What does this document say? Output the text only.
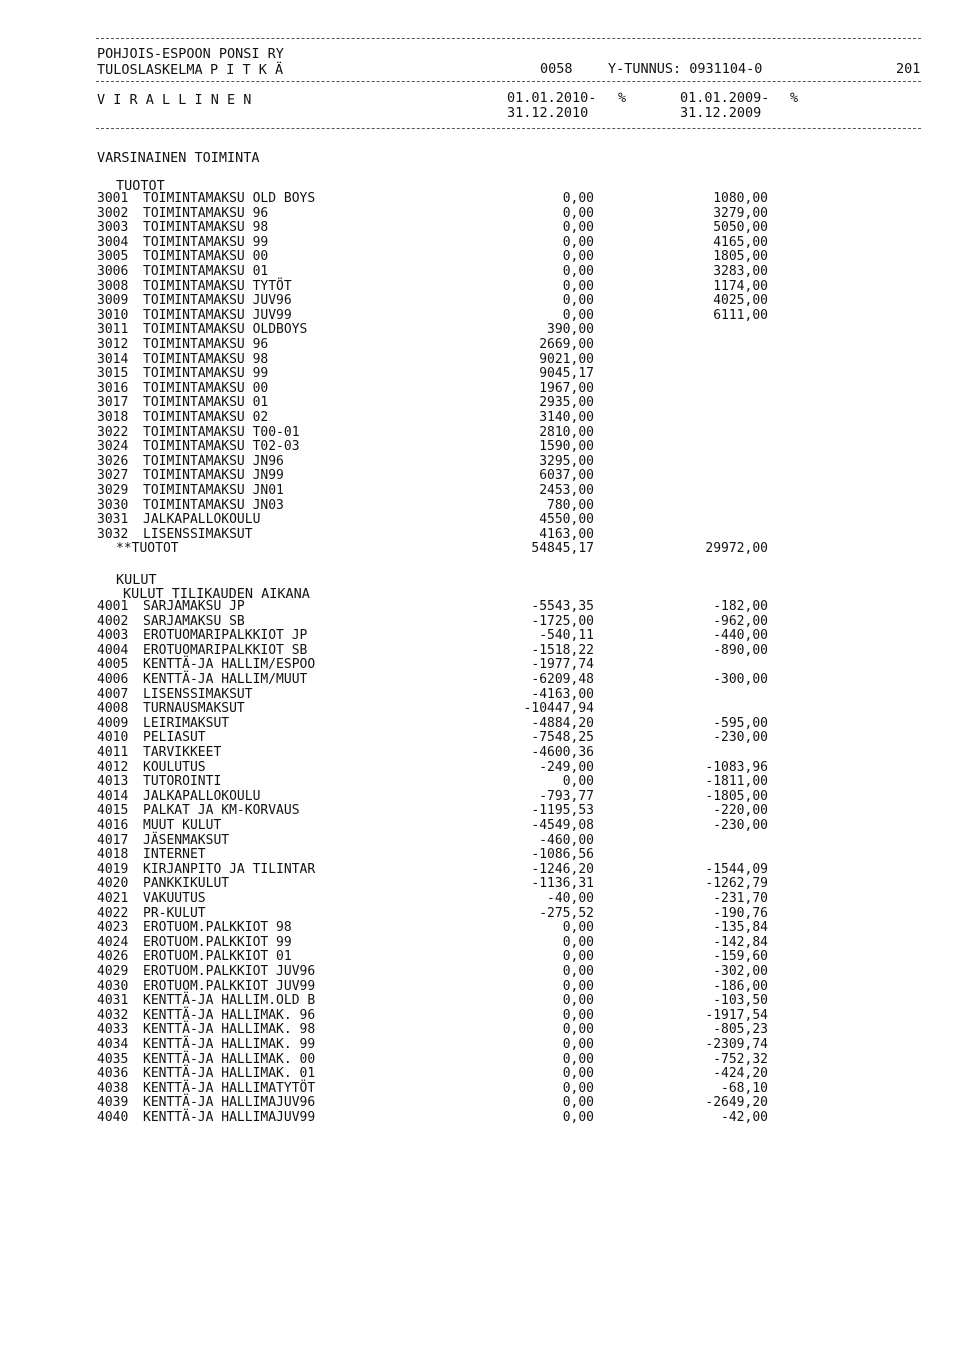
POHJOIS-ESPOON PONSI RY
TULOSLASKELMA P I T K Ä	0058	Y-TUNNUS: 0931104-0	201
V I R A L L I N E N	01.01.2010-
31.12.2010
%	01.01.2009-
31.12.2009
%
VARSINAINEN TOIMINTA
TUOTOT
KULUT
KULUT TILIKAUDEN AIKANA
3001 TOIMINTAMAKSU OLD BOYS	0,00	1080,00
3002 TOIMINTAMAKSU 96	0,00	3279,00
3003 TOIMINTAMAKSU 98	0,00	5050,00
3004 TOIMINTAMAKSU 99	0,00	4165,00
3005 TOIMINTAMAKSU 00	0,00	1805,00
3006 TOIMINTAMAKSU 01	0,00	3283,00
3008 TOIMINTAMAKSU TYTÖT	0,00	1174,00
3009 TOIMINTAMAKSU JUV96	0,00	4025,00
3010 TOIMINTAMAKSU JUV99	0,00	6111,00
3011 TOIMINTAMAKSU OLDBOYS	390,00
3012 TOIMINTAMAKSU 96	2669,00
3014 TOIMINTAMAKSU 98	9021,00
3015 TOIMINTAMAKSU 99	9045,17
3016 TOIMINTAMAKSU 00	1967,00
3017 TOIMINTAMAKSU 01	2935,00
3018 TOIMINTAMAKSU 02	3140,00
3022 TOIMINTAMAKSU T00-01	2810,00
3024 TOIMINTAMAKSU T02-03	1590,00
3026 TOIMINTAMAKSU JN96	3295,00
3027 TOIMINTAMAKSU JN99	6037,00
3029 TOIMINTAMAKSU JN01	2453,00
3030 TOIMINTAMAKSU JN03	780,00
3031 JALKAPALLOKOULU	4550,00
3032 LISENSSIMAKSUT	4163,00
**TUOTOT	54845,17	29972,00
4001 SARJAMAKSU JP	-5543,35	-182,00
4002 SARJAMAKSU SB	-1725,00	-962,00
4003 EROTUOMARIPALKKIOT JP	-540,11	-440,00
4004 EROTUOMARIPALKKIOT SB	-1518,22	-890,00
4005 KENTTÄ-JA HALLIM/ESPOO	-1977,74
4006 KENTTÄ-JA HALLIM/MUUT	-6209,48	-300,00
4007 LISENSSIMAKSUT	-4163,00
4008 TURNAUSMAKSUT	-10447,94
4009 LEIRIMAKSUT	-4884,20	-595,00
4010 PELIASUT	-7548,25	-230,00
4011 TARVIKKEET	-4600,36
4012 KOULUTUS	-249,00	-1083,96
4013 TUTOROINTI	0,00	-1811,00
4014 JALKAPALLOKOULU	-793,77	-1805,00
4015 PALKAT JA KM-KORVAUS	-1195,53	-220,00
4016 MUUT KULUT	-4549,08	-230,00
4017 JÄSENMAKSUT	-460,00
4018 INTERNET	-1086,56
4019 KIRJANPITO JA TILINTAR	-1246,20	-1544,09
4020 PANKKIKULUT	-1136,31	-1262,79
4021 VAKUUTUS	-40,00	-231,70
4022 PR-KULUT	-275,52	-190,76
4023 EROTUOM.PALKKIOT 98	0,00	-135,84
4024 EROTUOM.PALKKIOT 99	0,00	-142,84
4026 EROTUOM.PALKKIOT 01	0,00	-159,60
4029 EROTUOM.PALKKIOT JUV96	0,00	-302,00
4030 EROTUOM.PALKKIOT JUV99	0,00	-186,00
4031 KENTTÄ-JA HALLIM.OLD B	0,00	-103,50
4032 KENTTÄ-JA HALLIMAK. 96	0,00	-1917,54
4033 KENTTÄ-JA HALLIMAK. 98	0,00	-805,23
4034 KENTTÄ-JA HALLIMAK. 99	0,00	-2309,74
4035 KENTTÄ-JA HALLIMAK. 00	0,00	-752,32
4036 KENTTÄ-JA HALLIMAK. 01	0,00	-424,20
4038 KENTTÄ-JA HALLIMATYTÖT	0,00	-68,10
4039 KENTTÄ-JA HALLIMAJUV96	0,00	-2649,20
4040 KENTTÄ-JA HALLIMAJUV99	0,00	-42,00
